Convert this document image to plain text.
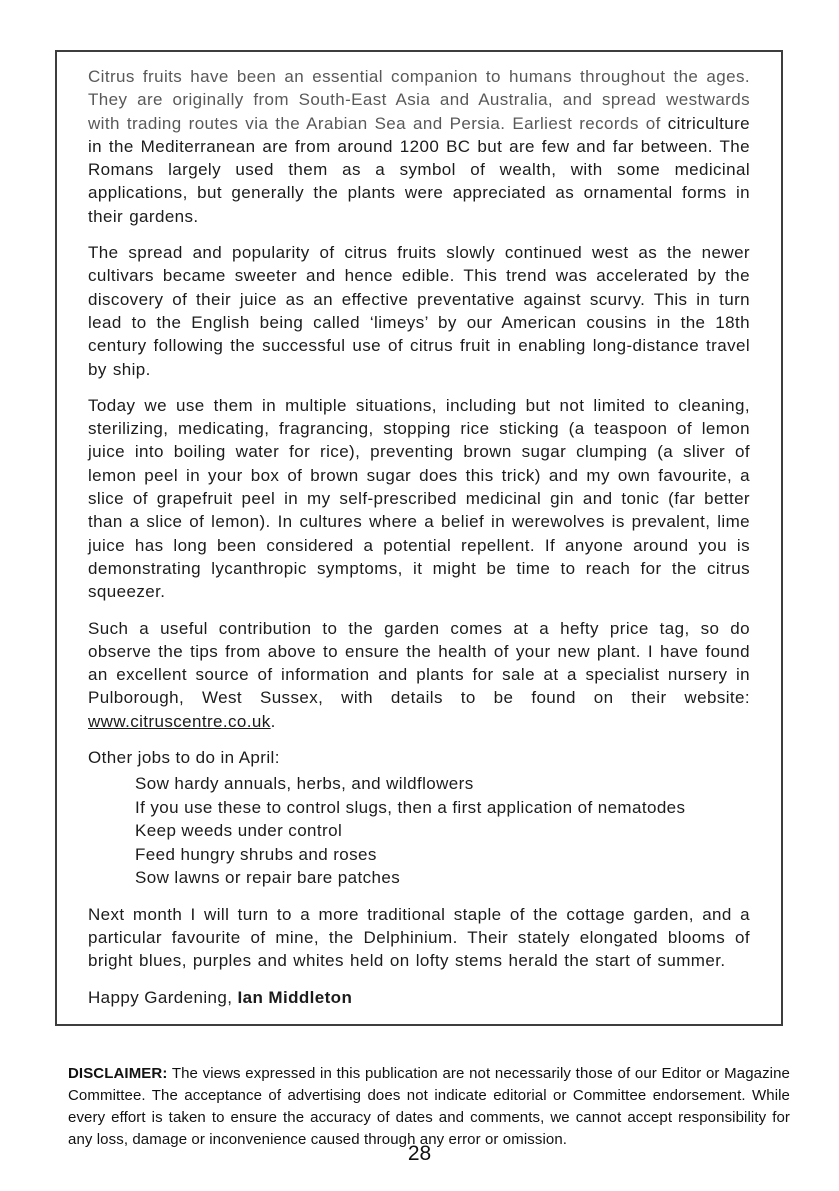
Citrus fruits have been an essential companion to humans throughout the ages. They are originally from South-East Asia and Australia, and spread westwards with trading routes via the Arabian Sea and Persia. Earliest records of citriculture in the Mediterranean are from around 1200 BC but are few and far between. The Romans largely used them as a symbol of wealth, with some medicinal applications, but generally the plants were appreciated as ornamental forms in their gardens.

The spread and popularity of citrus fruits slowly continued west as the newer cultivars became sweeter and hence edible. This trend was accelerated by the discovery of their juice as an effective preventative against scurvy. This in turn lead to the English being called ‘limeys’ by our American cousins in the 18th century following the successful use of citrus fruit in enabling long-distance travel by ship.

Today we use them in multiple situations, including but not limited to cleaning, sterilizing, medicating, fragrancing, stopping rice sticking (a teaspoon of lemon juice into boiling water for rice), preventing brown sugar clumping (a sliver of lemon peel in your box of brown sugar does this trick) and my own favourite, a slice of grapefruit peel in my self-prescribed medicinal gin and tonic (far better than a slice of lemon). In cultures where a belief in werewolves is prevalent, lime juice has long been considered a potential repellent. If anyone around you is demonstrating lycanthropic symptoms, it might be time to reach for the citrus squeezer.

Such a useful contribution to the garden comes at a hefty price tag, so do observe the tips from above to ensure the health of your new plant. I have found an excellent source of information and plants for sale at a specialist nursery in Pulborough, West Sussex, with details to be found on their website: www.citruscentre.co.uk.

Other jobs to do in April:

Sow hardy annuals, herbs, and wildflowers
If you use these to control slugs, then a first application of nematodes
Keep weeds under control
Feed hungry shrubs and roses
Sow lawns or repair bare patches

Next month I will turn to a more traditional staple of the cottage garden, and a particular favourite of mine, the Delphinium. Their stately elongated blooms of bright blues, purples and whites held on lofty stems herald the start of summer.

Happy Gardening, Ian Middleton

DISCLAIMER: The views expressed in this publication are not necessarily those of our Editor or Magazine Committee. The acceptance of advertising does not indicate editorial or Committee endorsement. While every effort is taken to ensure the accuracy of dates and comments, we cannot accept responsibility for any loss, damage or inconvenience caused through any error or omission.

28
